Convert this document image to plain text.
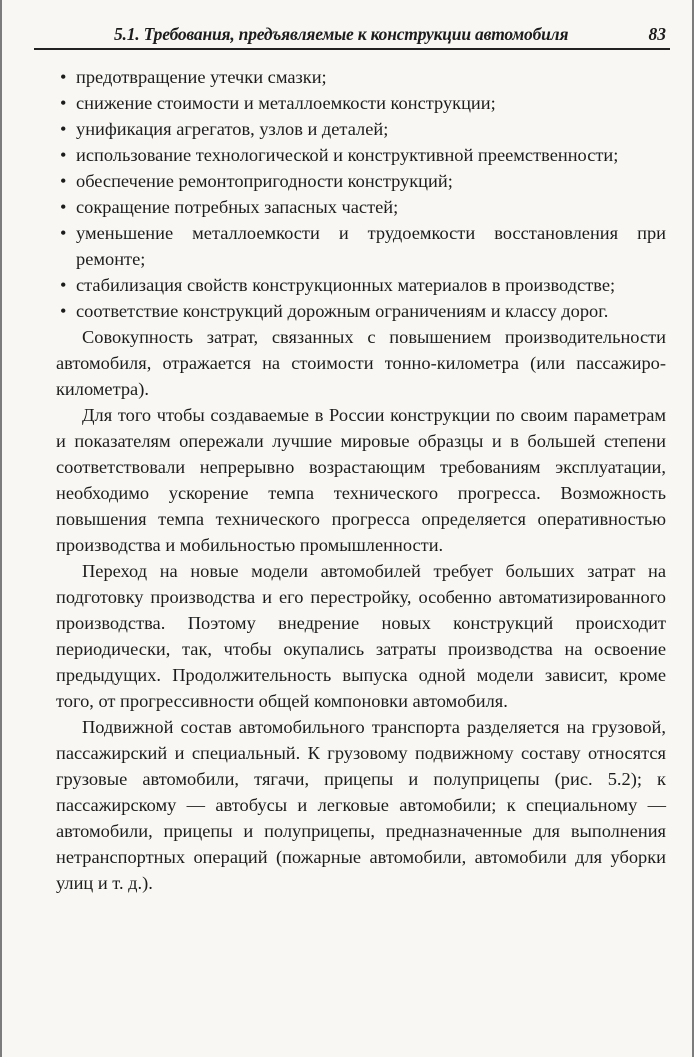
5.1. Требования, предъявляемые к конструкции автомобиля	83
• предотвращение утечки смазки;
• снижение стоимости и металлоемкости конструкции;
• унификация агрегатов, узлов и деталей;
• использование технологической и конструктивной преемственности;
• обеспечение ремонтопригодности конструкций;
• сокращение потребных запасных частей;
• уменьшение металлоемкости и трудоемкости восстановления при ремонте;
• стабилизация свойств конструкционных материалов в производстве;
• соответствие конструкций дорожным ограничениям и классу дорог.

Совокупность затрат, связанных с повышением производительности автомобиля, отражается на стоимости тонно-километра (или пассажиро-километра).

Для того чтобы создаваемые в России конструкции по своим параметрам и показателям опережали лучшие мировые образцы и в большей степени соответствовали непрерывно возрастающим требованиям эксплуатации, необходимо ускорение темпа технического прогресса. Возможность повышения темпа технического прогресса определяется оперативностью производства и мобильностью промышленности.

Переход на новые модели автомобилей требует больших затрат на подготовку производства и его перестройку, особенно автоматизированного производства. Поэтому внедрение новых конструкций происходит периодически, так, чтобы окупались затраты производства на освоение предыдущих. Продолжительность выпуска одной модели зависит, кроме того, от прогрессивности общей компоновки автомобиля.

Подвижной состав автомобильного транспорта разделяется на грузовой, пассажирский и специальный. К грузовому подвижному составу относятся грузовые автомобили, тягачи, прицепы и полуприцепы (рис. 5.2); к пассажирскому — автобусы и легковые автомобили; к специальному — автомобили, прицепы и полуприцепы, предназначенные для выполнения нетранспортных операций (пожарные автомобили, автомобили для уборки улиц и т. д.).
